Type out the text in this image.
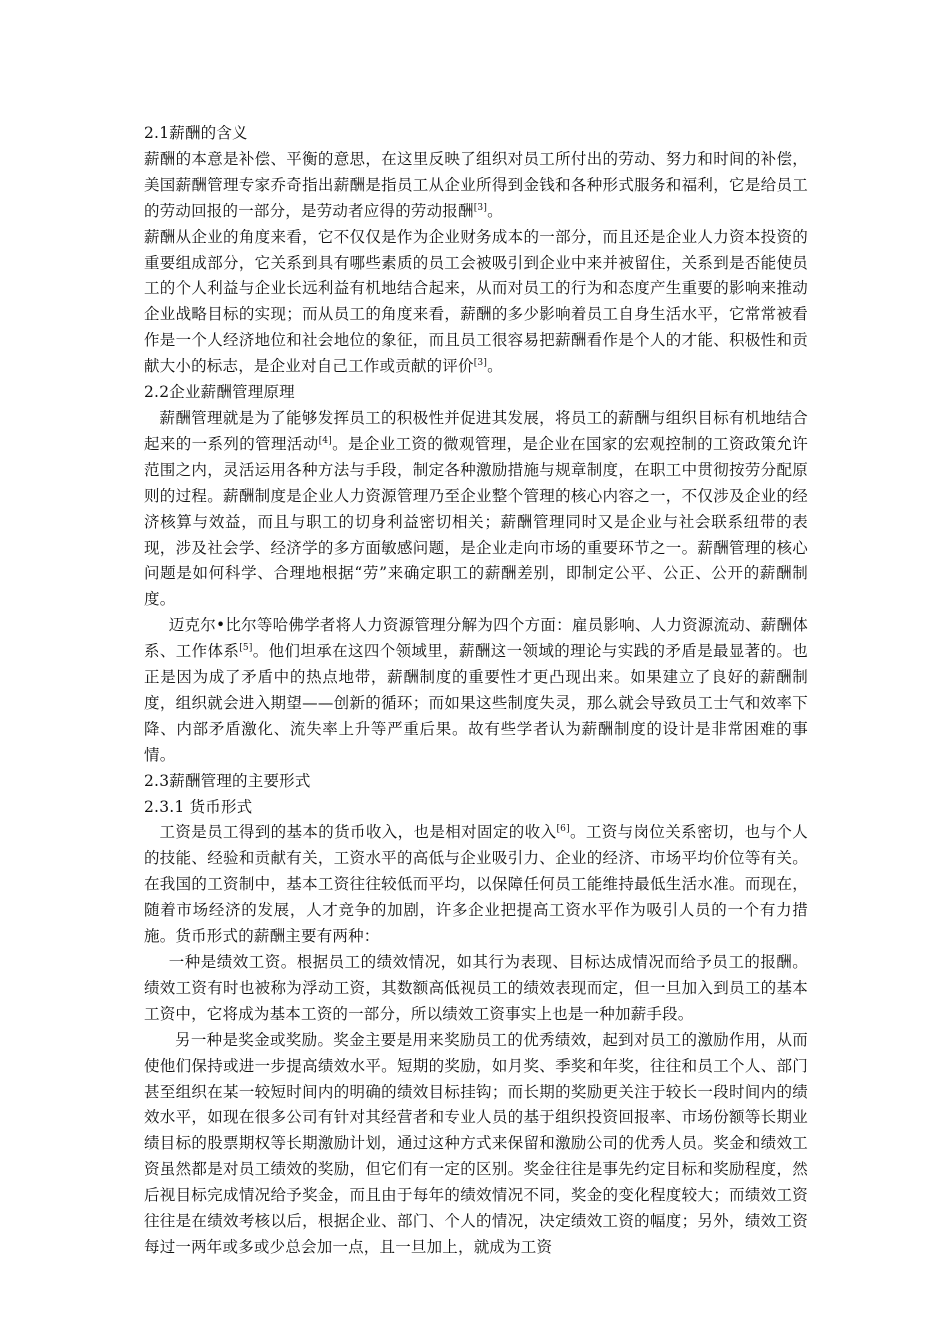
2.1薪酬的含义

薪酬的本意是补偿、平衡的意思，在这里反映了组织对员工所付出的劳动、努力和时间的补偿，美国薪酬管理专家乔奇指出薪酬是指员工从企业所得到金钱和各种形式服务和福利，它是给员工的劳动回报的一部分，是劳动者应得的劳动报酬[3]。

薪酬从企业的角度来看，它不仅仅是作为企业财务成本的一部分，而且还是企业人力资本投资的重要组成部分，它关系到具有哪些素质的员工会被吸引到企业中来并被留住，关系到是否能使员工的个人利益与企业长远利益有机地结合起来，从而对员工的行为和态度产生重要的影响来推动企业战略目标的实现；而从员工的角度来看，薪酬的多少影响着员工自身生活水平，它常常被看作是一个人经济地位和社会地位的象征，而且员工很容易把薪酬看作是个人的才能、积极性和贡献大小的标志，是企业对自己工作或贡献的评价[3]。

2.2企业薪酬管理原理

薪酬管理就是为了能够发挥员工的积极性并促进其发展，将员工的薪酬与组织目标有机地结合起来的一系列的管理活动[4]。是企业工资的微观管理，是企业在国家的宏观控制的工资政策允许范围之内，灵活运用各种方法与手段，制定各种激励措施与规章制度，在职工中贯彻按劳分配原则的过程。薪酬制度是企业人力资源管理乃至企业整个管理的核心内容之一，不仅涉及企业的经济核算与效益，而且与职工的切身利益密切相关；薪酬管理同时又是企业与社会联系纽带的表现，涉及社会学、经济学的多方面敏感问题，是企业走向市场的重要环节之一。薪酬管理的核心问题是如何科学、合理地根据“劳”来确定职工的薪酬差别，即制定公平、公正、公开的薪酬制度。

迈克尔•比尔等哈佛学者将人力资源管理分解为四个方面：雇员影响、人力资源流动、薪酬体系、工作体系[5]。他们坦承在这四个领域里，薪酬这一领域的理论与实践的矛盾是最显著的。也正是因为成了矛盾中的热点地带，薪酬制度的重要性才更凸现出来。如果建立了良好的薪酬制度，组织就会进入期望——创新的循环；而如果这些制度失灵，那么就会导致员工士气和效率下降、内部矛盾激化、流失率上升等严重后果。故有些学者认为薪酬制度的设计是非常困难的事情。

2.3薪酬管理的主要形式

2.3.1 货币形式

工资是员工得到的基本的货币收入，也是相对固定的收入[6]。工资与岗位关系密切，也与个人的技能、经验和贡献有关，工资水平的高低与企业吸引力、企业的经济、市场平均价位等有关。在我国的工资制中，基本工资往往较低而平均，以保障任何员工能维持最低生活水准。而现在，随着市场经济的发展，人才竞争的加剧，许多企业把提高工资水平作为吸引人员的一个有力措施。货币形式的薪酬主要有两种：

一种是绩效工资。根据员工的绩效情况，如其行为表现、目标达成情况而给予员工的报酬。绩效工资有时也被称为浮动工资，其数额高低视员工的绩效表现而定，但一旦加入到员工的基本工资中，它将成为基本工资的一部分，所以绩效工资事实上也是一种加薪手段。

另一种是奖金或奖励。奖金主要是用来奖励员工的优秀绩效，起到对员工的激励作用，从而使他们保持或进一步提高绩效水平。短期的奖励，如月奖、季奖和年奖，往往和员工个人、部门甚至组织在某一较短时间内的明确的绩效目标挂钩；而长期的奖励更关注于较长一段时间内的绩效水平，如现在很多公司有针对其经营者和专业人员的基于组织投资回报率、市场份额等长期业绩目标的股票期权等长期激励计划，通过这种方式来保留和激励公司的优秀人员。奖金和绩效工资虽然都是对员工绩效的奖励，但它们有一定的区别。奖金往往是事先约定目标和奖励程度，然后视目标完成情况给予奖金，而且由于每年的绩效情况不同，奖金的变化程度较大；而绩效工资往往是在绩效考核以后，根据企业、部门、个人的情况，决定绩效工资的幅度；另外，绩效工资每过一两年或多或少总会加一点，且一旦加上，就成为工资
